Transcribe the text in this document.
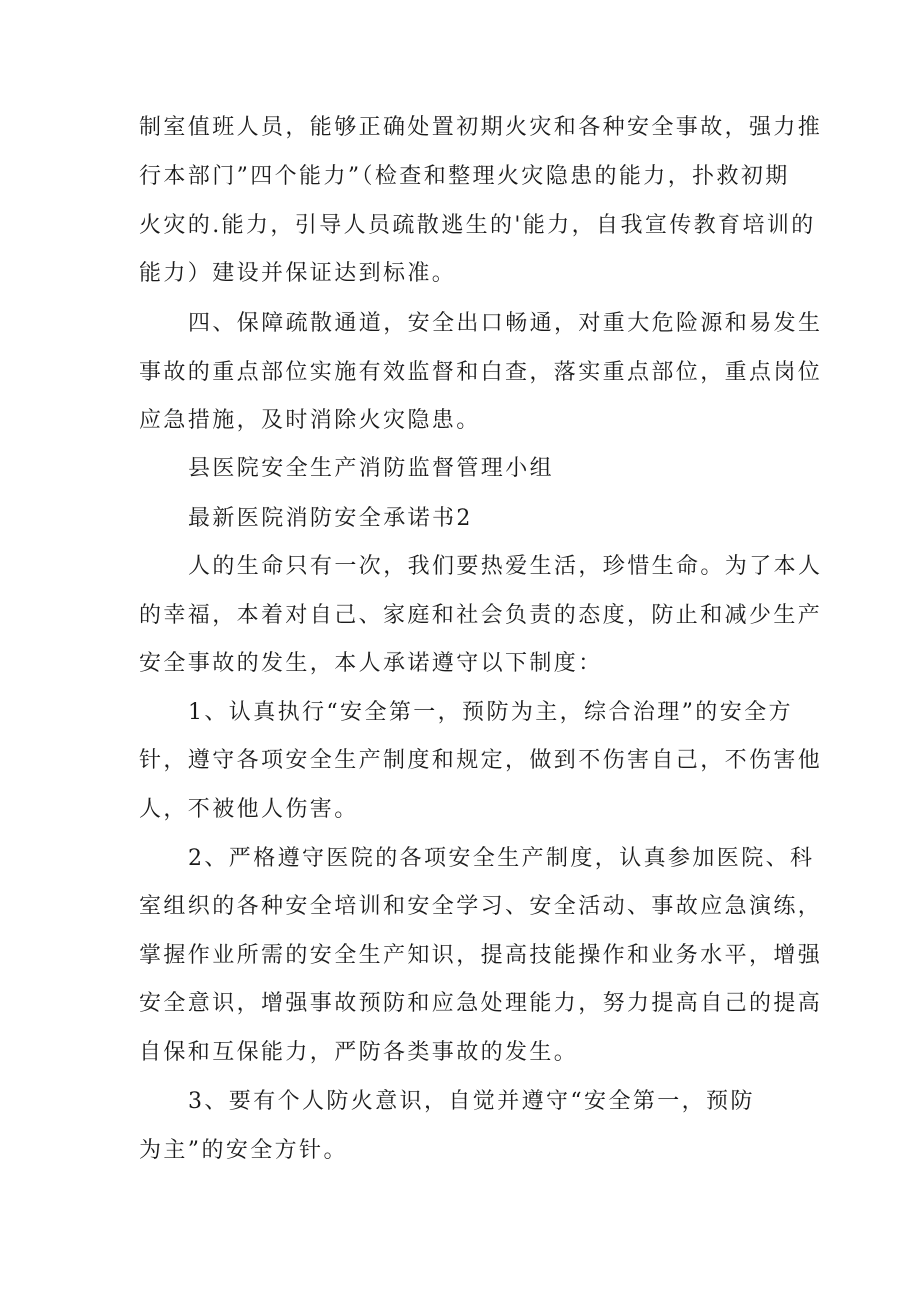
制室值班人员，能够正确处置初期火灾和各种安全事故，强力推
行本部门”四个能力”（检查和整理火灾隐患的能力，扑救初期
火灾的.能力，引导人员疏散逃生的'能力，自我宣传教育培训的
能力）建设并保证达到标准。
四、保障疏散通道，安全出口畅通，对重大危险源和易发生
事故的重点部位实施有效监督和白查，落实重点部位，重点岗位
应急措施，及时消除火灾隐患。
县医院安全生产消防监督管理小组
最新医院消防安全承诺书2
人的生命只有一次，我们要热爱生活，珍惜生命。为了本人
的幸福，本着对自己、家庭和社会负责的态度，防止和减少生产
安全事故的发生，本人承诺遵守以下制度：
1、认真执行“安全第一，预防为主，综合治理”的安全方
针，遵守各项安全生产制度和规定，做到不伤害自己，不伤害他
人，不被他人伤害。
2、严格遵守医院的各项安全生产制度，认真参加医院、科
室组织的各种安全培训和安全学习、安全活动、事故应急演练，
掌握作业所需的安全生产知识，提高技能操作和业务水平，增强
安全意识，增强事故预防和应急处理能力，努力提高自己的提高
自保和互保能力，严防各类事故的发生。
3、要有个人防火意识，自觉并遵守“安全第一，预防
为主”的安全方针。
